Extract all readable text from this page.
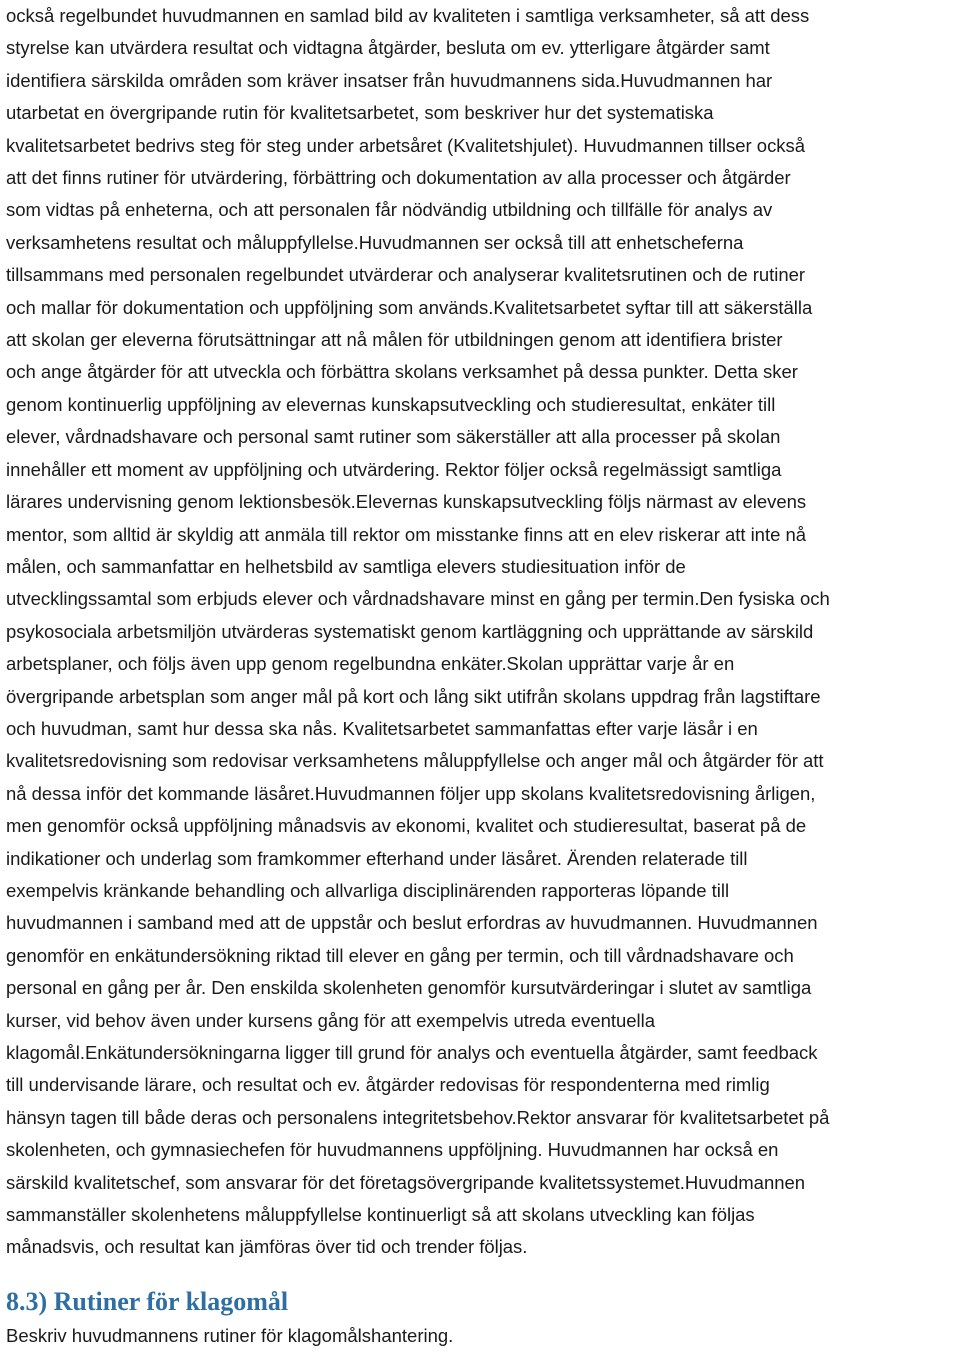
också regelbundet huvudmannen en samlad bild av kvaliteten i samtliga verksamheter, så att dess
styrelse kan utvärdera resultat och vidtagna åtgärder, besluta om ev. ytterligare åtgärder samt
identifiera särskilda områden som kräver insatser från huvudmannens sida.Huvudmannen har
utarbetat en övergripande rutin för kvalitetsarbetet, som beskriver hur det systematiska
kvalitetsarbetet bedrivs steg för steg under arbetsåret (Kvalitetshjulet). Huvudmannen tillser också
att det finns rutiner för utvärdering, förbättring och dokumentation av alla processer och åtgärder
som vidtas på enheterna, och att personalen får nödvändig utbildning och tillfälle för analys av
verksamhetens resultat och måluppfyllelse.Huvudmannen ser också till att enhetscheferna
tillsammans med personalen regelbundet utvärderar och analyserar kvalitetsrutinen och de rutiner
och mallar för dokumentation och uppföljning som används.Kvalitetsarbetet syftar till att säkerställa
att skolan ger eleverna förutsättningar att nå målen för utbildningen genom att identifiera brister
och ange åtgärder för att utveckla och förbättra skolans verksamhet på dessa punkter. Detta sker
genom kontinuerlig uppföljning av elevernas kunskapsutveckling och studieresultat, enkäter till
elever, vårdnadshavare och personal samt rutiner som säkerställer att alla processer på skolan
innehåller ett moment av uppföljning och utvärdering. Rektor följer också regelmässigt samtliga
lärares undervisning genom lektionsbesök.Elevernas kunskapsutveckling följs närmast av elevens
mentor, som alltid är skyldig att anmäla till rektor om misstanke finns att en elev riskerar att inte nå
målen, och sammanfattar en helhetsbild av samtliga elevers studiesituation inför de
utvecklingssamtal som erbjuds elever och vårdnadshavare minst en gång per termin.Den fysiska och
psykosociala arbetsmiljön utvärderas systematiskt genom kartläggning och upprättande av särskild
arbetsplaner, och följs även upp genom regelbundna enkäter.Skolan upprättar varje år en
övergripande arbetsplan som anger mål på kort och lång sikt utifrån skolans uppdrag från lagstiftare
och huvudman, samt hur dessa ska nås. Kvalitetsarbetet sammanfattas efter varje läsår i en
kvalitetsredovisning som redovisar verksamhetens måluppfyllelse och anger mål och åtgärder för att
nå dessa inför det kommande läsåret.Huvudmannen följer upp skolans kvalitetsredovisning årligen,
men genomför också uppföljning månadsvis av ekonomi, kvalitet och studieresultat, baserat på de
indikationer och underlag som framkommer efterhand under läsåret. Ärenden relaterade till
exempelvis kränkande behandling och allvarliga disciplinärenden rapporteras löpande till
huvudmannen i samband med att de uppstår och beslut erfordras av huvudmannen. Huvudmannen
genomför en enkätundersökning riktad till elever en gång per termin, och till vårdnadshavare och
personal en gång per år. Den enskilda skolenheten genomför kursutvärderingar i slutet av samtliga
kurser, vid behov även under kursens gång för att exempelvis utreda eventuella
klagomål.Enkätundersökningarna ligger till grund för analys och eventuella åtgärder, samt feedback
till undervisande lärare, och resultat och ev. åtgärder redovisas för respondenterna med rimlig
hänsyn tagen till både deras och personalens integritetsbehov.Rektor ansvarar för kvalitetsarbetet på
skolenheten, och gymnasiechefen för huvudmannens uppföljning. Huvudmannen har också en
särskild kvalitetschef, som ansvarar för det företagsövergripande kvalitetssystemet.Huvudmannen
sammanställer skolenhetens måluppfyllelse kontinuerligt så att skolans utveckling kan följas
månadsvis, och resultat kan jämföras över tid och trender följas.

8.3) Rutiner för klagomål

Beskriv huvudmannens rutiner för klagomålshantering.
